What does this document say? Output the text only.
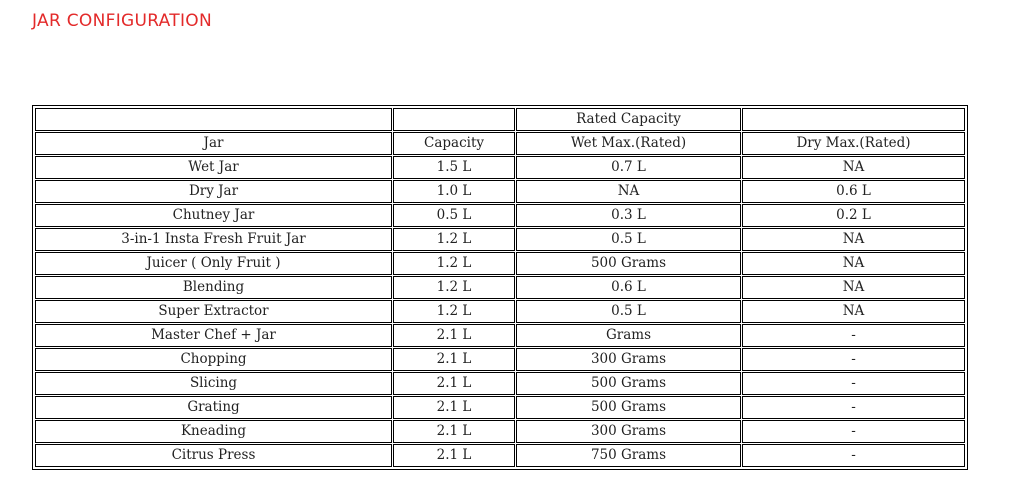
JAR CONFIGURATION
		Rated Capacity	
Jar	Capacity	Wet Max.(Rated)	Dry Max.(Rated)
Wet Jar	1.5 L	0.7 L	NA
Dry Jar	1.0 L	NA	0.6 L
Chutney Jar	0.5 L	0.3 L	0.2 L
3-in-1 Insta Fresh Fruit Jar	1.2 L	0.5 L	NA
Juicer ( Only Fruit )	1.2 L	500 Grams	NA
Blending	1.2 L	0.6 L	NA
Super Extractor	1.2 L	0.5 L	NA
Master Chef + Jar	2.1 L	Grams	-
Chopping	2.1 L	300 Grams	-
Slicing	2.1 L	500 Grams	-
Grating	2.1 L	500 Grams	-
Kneading	2.1 L	300 Grams	-
Citrus Press	2.1 L	750 Grams	-
